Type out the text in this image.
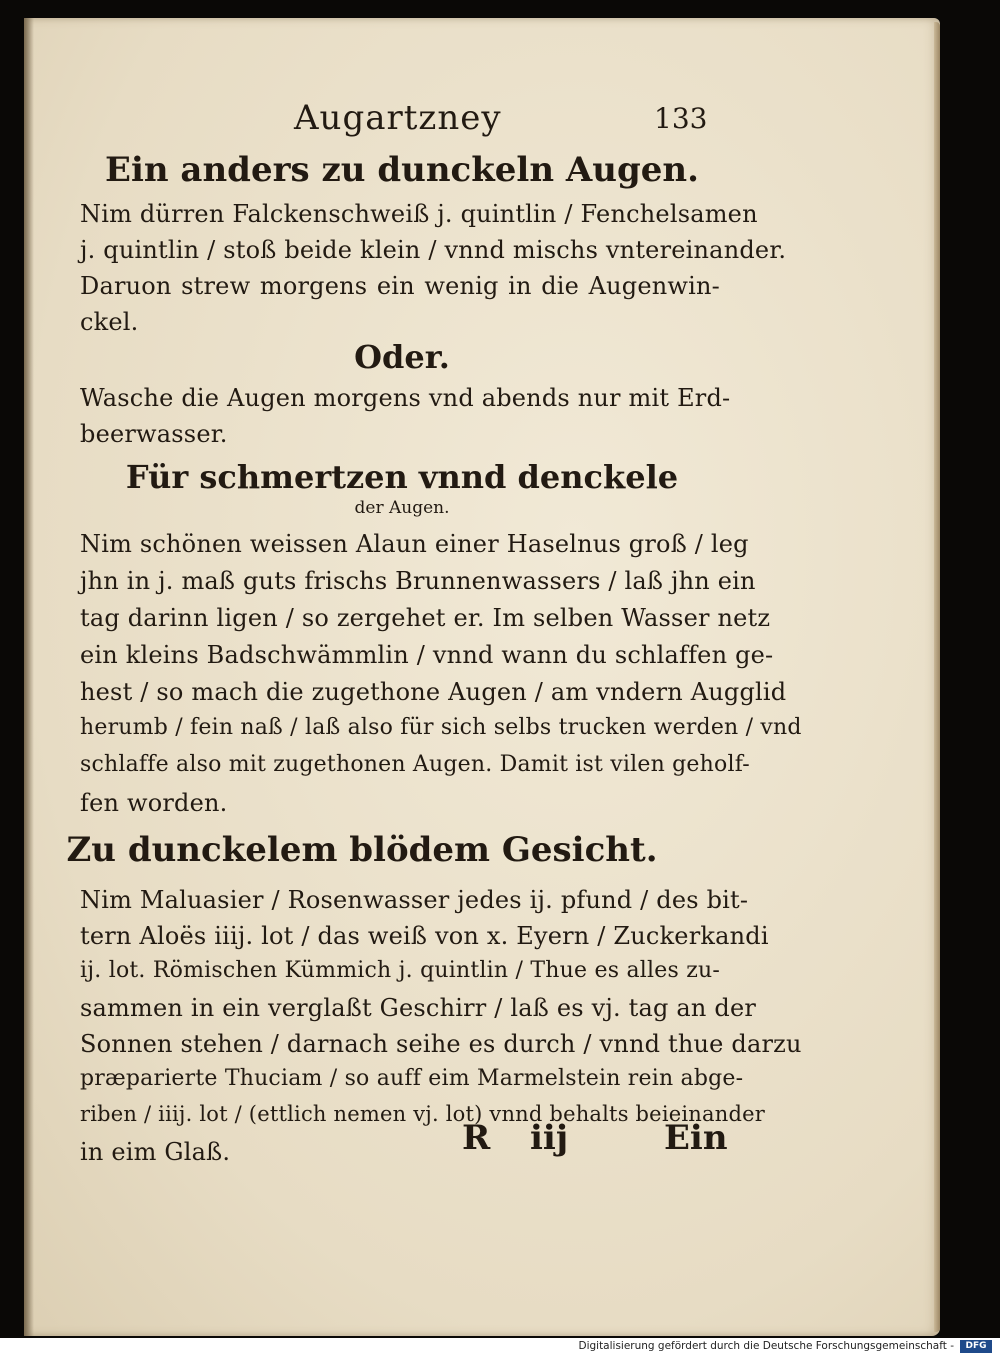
Augartzney	133
Ein anders zu dunckeln Augen.
Nim dürren Falckenschweiß j. quintlin / Fenchelsamen
j. quintlin / stoß beide klein / vnnd mischs vntereinander.
Daruon strew morgens ein wenig in die Augenwin-
ckel.
Oder.
Wasche die Augen morgens vnd abends nur mit Erd-
beerwasser.
Für schmertzen vnnd denckele
der Augen.
Nim schönen weissen Alaun einer Haselnus groß / leg
jhn in j. maß guts frischs Brunnenwassers / laß jhn ein
tag darinn ligen / so zergehet er. Im selben Wasser netz
ein kleins Badschwämmlin / vnnd wann du schlaffen ge-
hest / so mach die zugethone Augen / am vndern Augglid
herumb / fein naß / laß also für sich selbs trucken werden / vnd
schlaffe also mit zugethonen Augen. Damit ist vilen geholf-
fen worden.
Zu dunckelem blödem Gesicht.
Nim Maluasier / Rosenwasser jedes ij. pfund / des bit-
tern Aloës iiij. lot / das weiß von x. Eyern / Zuckerkandi
ij. lot. Römischen Kümmich j. quintlin / Thue es alles zu-
sammen in ein verglaßt Geschirr / laß es vj. tag an der
Sonnen stehen / darnach seihe es durch / vnnd thue darzu
præparierte Thuciam / so auff eim Marmelstein rein abge-
riben / iiij. lot / (ettlich nemen vj. lot) vnnd behalts beieinander
in eim Glaß.	R iij	Ein
Digitalisierung gefördert durch die Deutsche Forschungsgemeinschaft -	DFG
